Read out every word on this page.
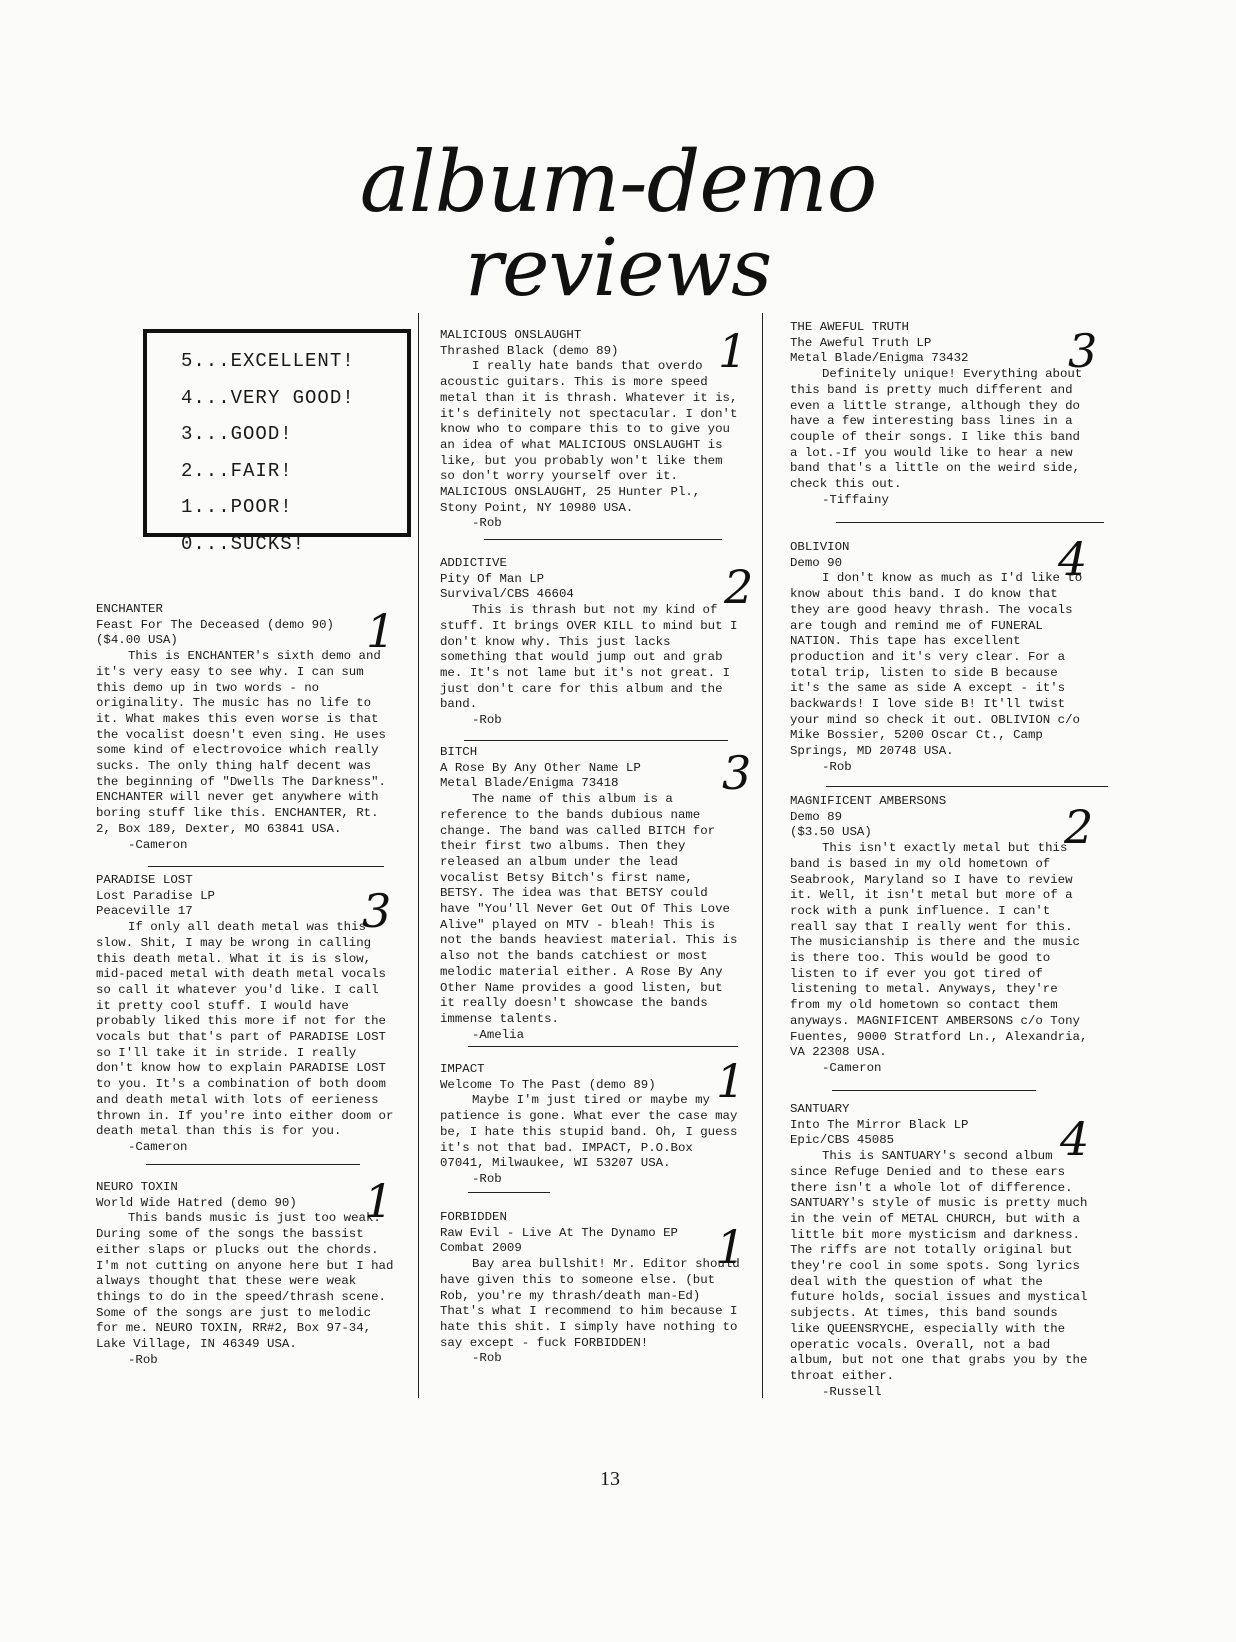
album-demo
reviews
5...EXCELLENT!
4...VERY GOOD!
3...GOOD!
2...FAIR!
1...POOR!
0...SUCKS!
ENCHANTER
Feast For The Deceased (demo 90)
($4.00 USA)

This is ENCHANTER's sixth demo and it's very easy to see why. I can sum this demo up in two words - no originality. The music has no life to it. What makes this even worse is that the vocalist doesn't even sing. He uses some kind of electrovoice which really sucks. The only thing half decent was the beginning of "Dwells The Darkness". ENCHANTER will never get anywhere with boring stuff like this. ENCHANTER, Rt. 2, Box 189, Dexter, MO 63841 USA.

-Cameron
1
PARADISE LOST
Lost Paradise LP
Peaceville 17

If only all death metal was this slow. Shit, I may be wrong in calling this death metal. What it is is slow, mid-paced metal with death metal vocals so call it whatever you'd like. I call it pretty cool stuff. I would have probably liked this more if not for the vocals but that's part of PARADISE LOST so I'll take it in stride. I really don't know how to explain PARADISE LOST to you. It's a combination of both doom and death metal with lots of eerieness thrown in. If you're into either doom or death metal than this is for you.

-Cameron
3
NEURO TOXIN
World Wide Hatred (demo 90)

This bands music is just too weak. During some of the songs the bassist either slaps or plucks out the chords. I'm not cutting on anyone here but I had always thought that these were weak things to do in the speed/thrash scene. Some of the songs are just to melodic for me. NEURO TOXIN, RR#2, Box 97-34, Lake Village, IN 46349 USA.

-Rob
1
MALICIOUS ONSLAUGHT
Thrashed Black (demo 89)

I really hate bands that overdo acoustic guitars. This is more speed metal than it is thrash. Whatever it is, it's definitely not spectacular. I don't know who to compare this to to give you an idea of what MALICIOUS ONSLAUGHT is like, but you probably won't like them so don't worry yourself over it. MALICIOUS ONSLAUGHT, 25 Hunter Pl., Stony Point, NY 10980 USA.

-Rob
1
ADDICTIVE
Pity Of Man LP
Survival/CBS 46604

This is thrash but not my kind of stuff. It brings OVER KILL to mind but I don't know why. This just lacks something that would jump out and grab me. It's not lame but it's not great. I just don't care for this album and the band.

-Rob
2
BITCH
A Rose By Any Other Name LP
Metal Blade/Enigma 73418

The name of this album is a reference to the bands dubious name change. The band was called BITCH for their first two albums. Then they released an album under the lead vocalist Betsy Bitch's first name, BETSY. The idea was that BETSY could have "You'll Never Get Out Of This Love Alive" played on MTV - bleah! This is not the bands heaviest material. This is also not the bands catchiest or most melodic material either. A Rose By Any Other Name provides a good listen, but it really doesn't showcase the bands immense talents.

-Amelia
3
IMPACT
Welcome To The Past (demo 89)

Maybe I'm just tired or maybe my patience is gone. What ever the case may be, I hate this stupid band. Oh, I guess it's not that bad. IMPACT, P.O.Box 07041, Milwaukee, WI 53207 USA.

-Rob
1
FORBIDDEN
Raw Evil - Live At The Dynamo EP
Combat 2009

Bay area bullshit! Mr. Editor should have given this to someone else. (but Rob, you're my thrash/death man-Ed) That's what I recommend to him because I hate this shit. I simply have nothing to say except - fuck FORBIDDEN!

-Rob
1
THE AWEFUL TRUTH
The Aweful Truth LP
Metal Blade/Enigma 73432

Definitely unique! Everything about this band is pretty much different and even a little strange, although they do have a few interesting bass lines in a couple of their songs. I like this band a lot.-If you would like to hear a new band that's a little on the weird side, check this out.

-Tiffainy
3
OBLIVION
Demo 90

I don't know as much as I'd like to know about this band. I do know that they are good heavy thrash. The vocals are tough and remind me of FUNERAL NATION. This tape has excellent production and it's very clear. For a total trip, listen to side B because it's the same as side A except - it's backwards! I love side B! It'll twist your mind so check it out. OBLIVION c/o Mike Bossier, 5200 Oscar Ct., Camp Springs, MD 20748 USA.

-Rob
4
MAGNIFICENT AMBERSONS
Demo 89
($3.50 USA)

This isn't exactly metal but this band is based in my old hometown of Seabrook, Maryland so I have to review it. Well, it isn't metal but more of a rock with a punk influence. I can't reall say that I really went for this. The musicianship is there and the music is there too. This would be good to listen to if ever you got tired of listening to metal. Anyways, they're from my old hometown so contact them anyways. MAGNIFICENT AMBERSONS c/o Tony Fuentes, 9000 Stratford Ln., Alexandria, VA 22308 USA.

-Cameron
2
SANTUARY
Into The Mirror Black LP
Epic/CBS 45085

This is SANTUARY's second album since Refuge Denied and to these ears there isn't a whole lot of difference. SANTUARY's style of music is pretty much in the vein of METAL CHURCH, but with a little bit more mysticism and darkness. The riffs are not totally original but they're cool in some spots. Song lyrics deal with the question of what the future holds, social issues and mystical subjects. At times, this band sounds like QUEENSRYCHE, especially with the operatic vocals. Overall, not a bad album, but not one that grabs you by the throat either.

-Russell
4
13
